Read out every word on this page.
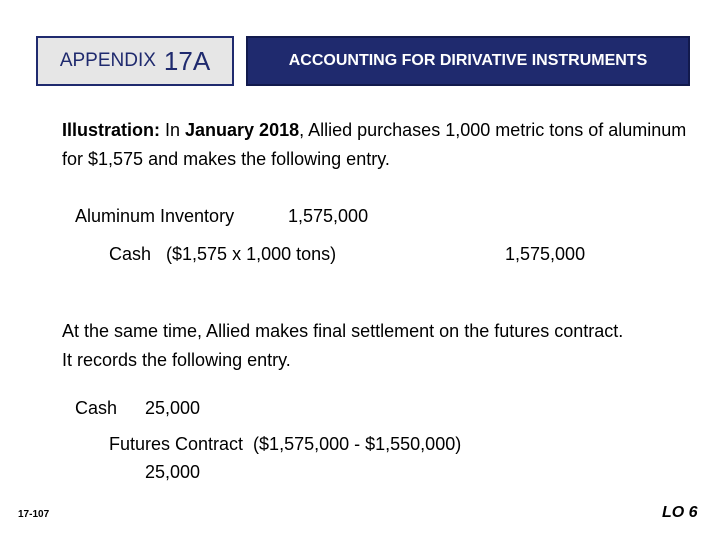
APPENDIX 17A	ACCOUNTING FOR DIRIVATIVE INSTRUMENTS
Illustration: In January 2018, Allied purchases 1,000 metric tons of aluminum for $1,575 and makes the following entry.
Aluminum Inventory	1,575,000
Cash   ($1,575 x 1,000 tons)	1,575,000
At the same time, Allied makes final settlement on the futures contract. It records the following entry.
Cash 25,000
Futures Contract  ($1,575,000 - $1,550,000)
25,000
17-107	LO 6
